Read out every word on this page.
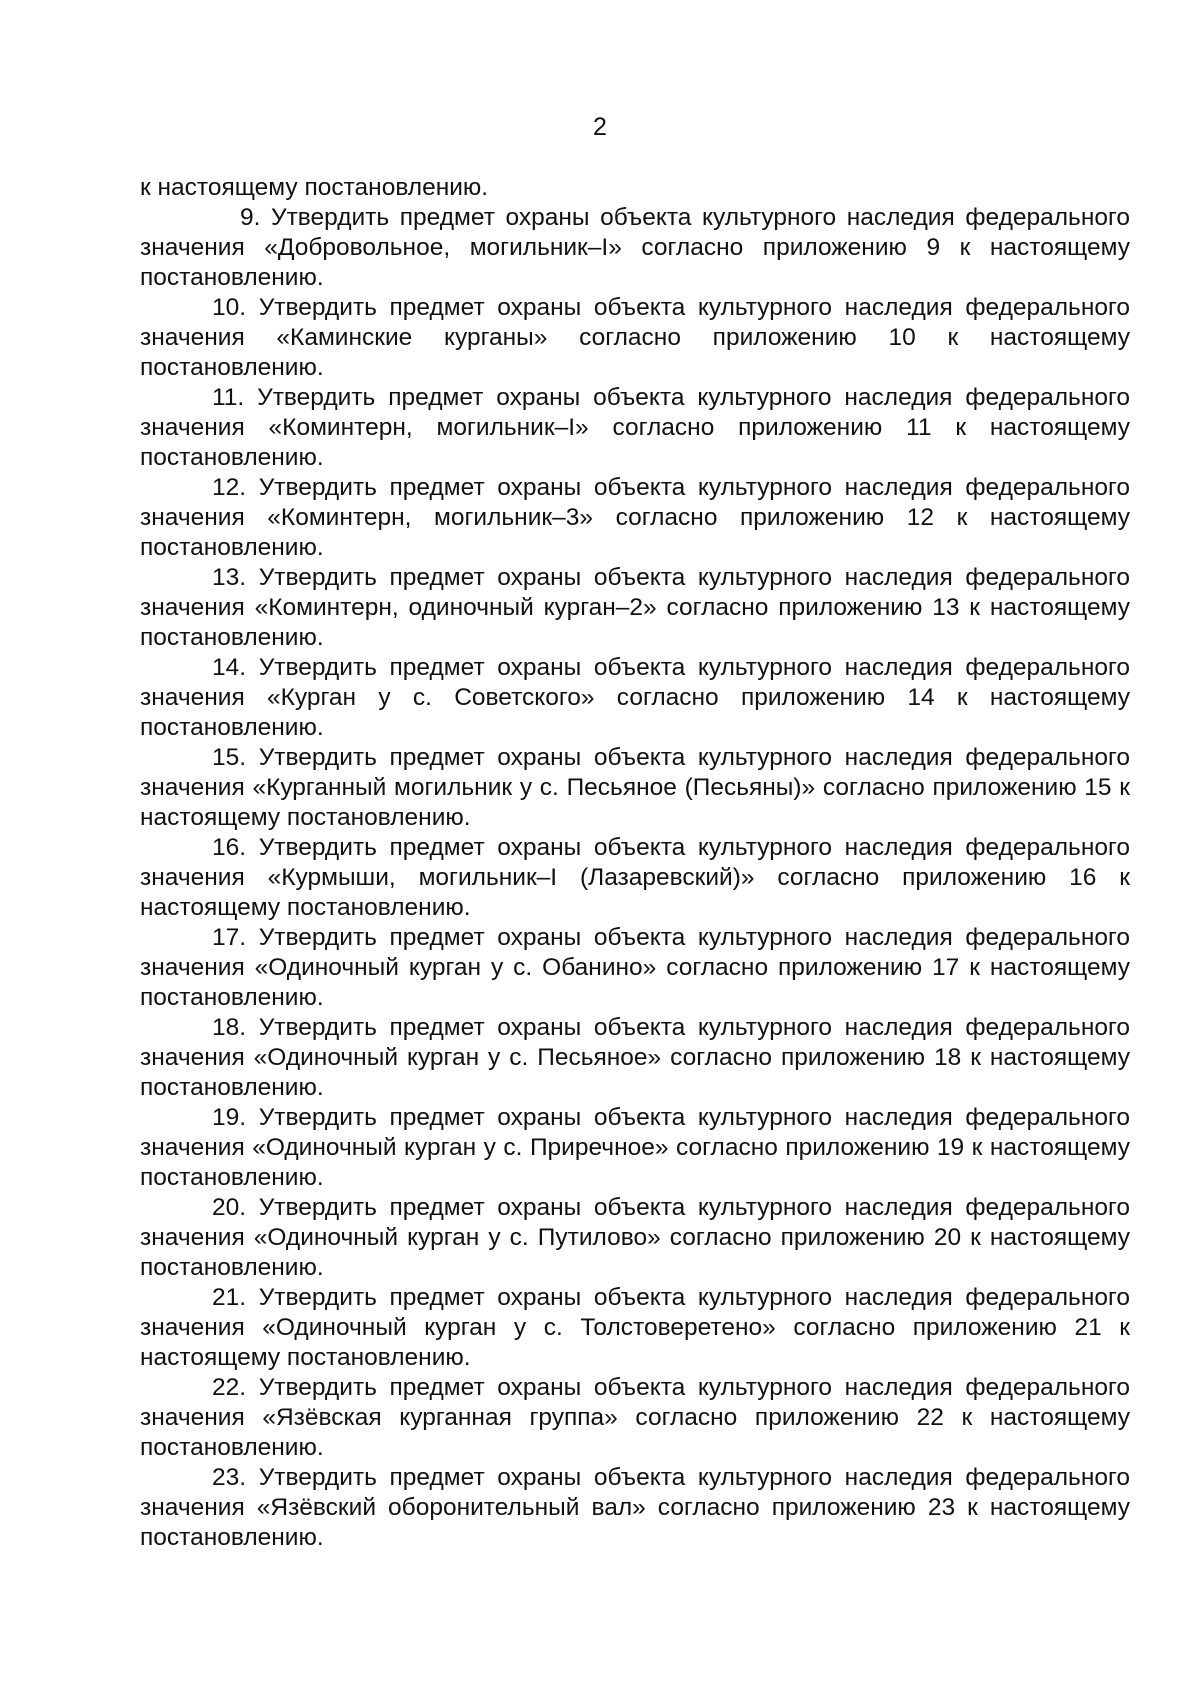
2

к настоящему постановлению.

9. Утвердить предмет охраны объекта культурного наследия федерального значения «Добровольное, могильник–I» согласно приложению 9 к настоящему постановлению.

10. Утвердить предмет охраны объекта культурного наследия федерального значения «Каминские курганы» согласно приложению 10 к настоящему постановлению.

11. Утвердить предмет охраны объекта культурного наследия федерального значения «Коминтерн, могильник–I» согласно приложению 11 к настоящему постановлению.

12. Утвердить предмет охраны объекта культурного наследия федерального значения «Коминтерн, могильник–3» согласно приложению 12 к настоящему постановлению.

13. Утвердить предмет охраны объекта культурного наследия федерального значения «Коминтерн, одиночный курган–2» согласно приложению 13 к настоящему постановлению.

14. Утвердить предмет охраны объекта культурного наследия федерального значения «Курган у с. Советского» согласно приложению 14 к настоящему постановлению.

15. Утвердить предмет охраны объекта культурного наследия федерального значения «Курганный могильник у с. Песьяное (Песьяны)» согласно приложению 15 к настоящему постановлению.

16. Утвердить предмет охраны объекта культурного наследия федерального значения «Курмыши, могильник–I (Лазаревский)» согласно приложению 16 к настоящему постановлению.

17. Утвердить предмет охраны объекта культурного наследия федерального значения «Одиночный курган у с. Обанино» согласно приложению 17 к настоящему постановлению.

18. Утвердить предмет охраны объекта культурного наследия федерального значения «Одиночный курган у с. Песьяное» согласно приложению 18 к настоящему постановлению.

19. Утвердить предмет охраны объекта культурного наследия федерального значения «Одиночный курган у с. Приречное» согласно приложению 19 к настоящему постановлению.

20. Утвердить предмет охраны объекта культурного наследия федерального значения «Одиночный курган у с. Путилово» согласно приложению 20 к настоящему постановлению.

21. Утвердить предмет охраны объекта культурного наследия федерального значения «Одиночный курган у с. Толстоверетено» согласно приложению 21 к настоящему постановлению.

22. Утвердить предмет охраны объекта культурного наследия федерального значения «Язёвская курганная группа» согласно приложению 22 к настоящему постановлению.

23. Утвердить предмет охраны объекта культурного наследия федерального значения «Язёвский оборонительный вал» согласно приложению 23 к настоящему постановлению.
